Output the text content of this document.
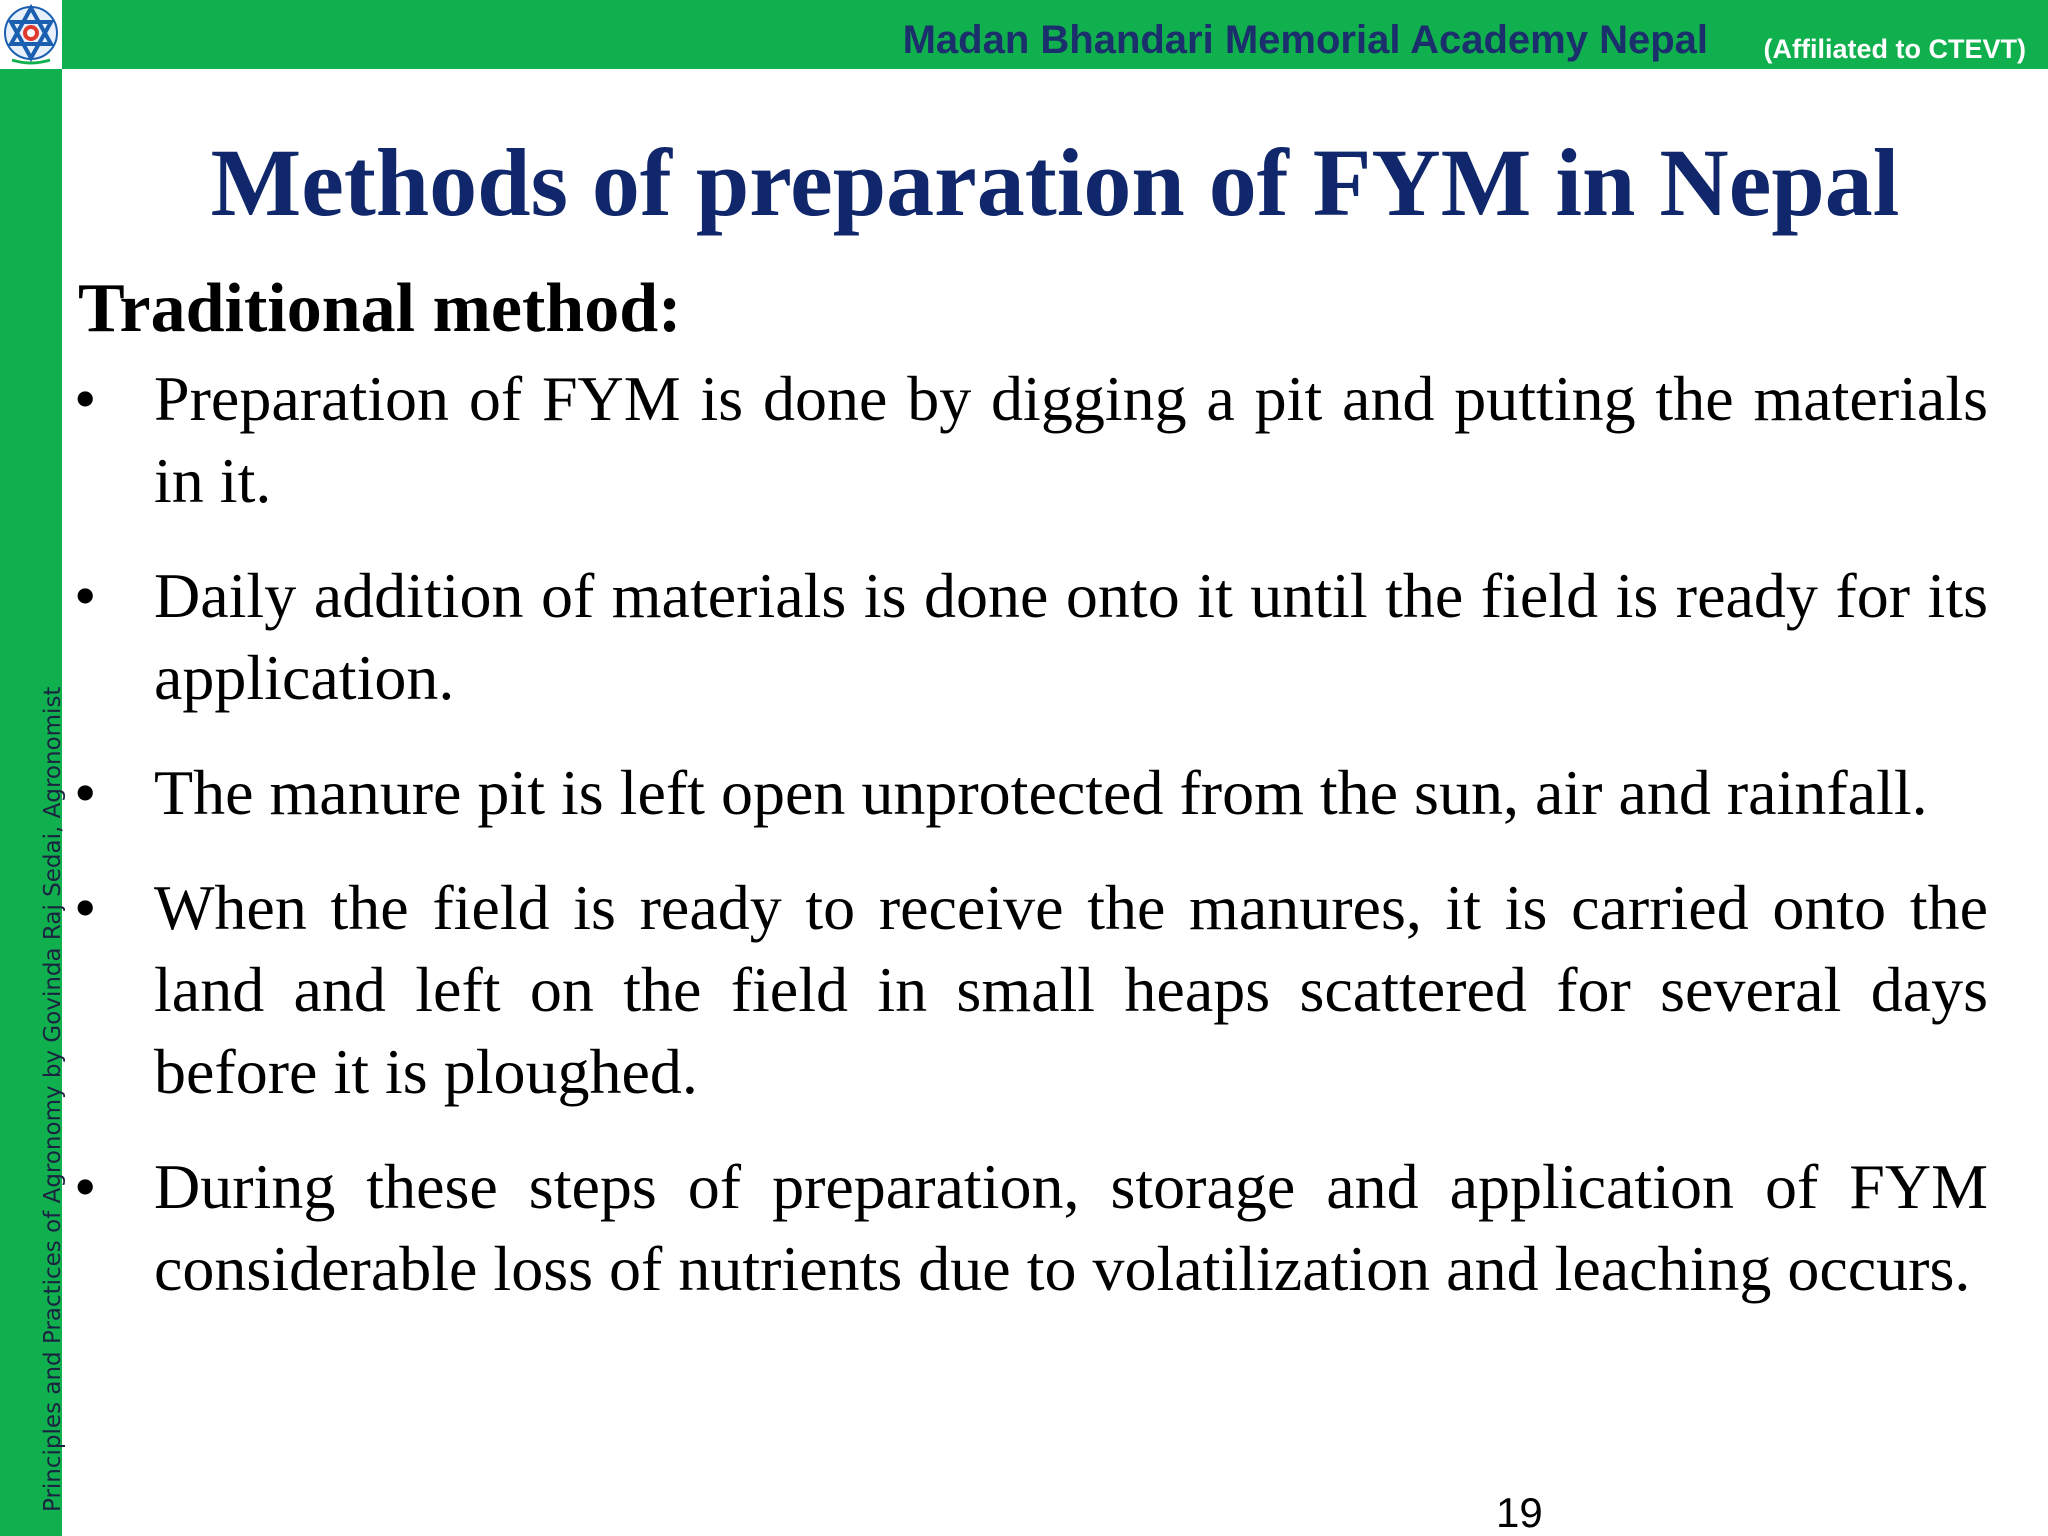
Madan Bhandari Memorial Academy Nepal (Affiliated to CTEVT)
Principles and Practices of Agronomy by Govinda Raj Sedai, Agronomist
Methods of preparation of FYM in Nepal
Traditional method:
• Preparation of FYM is done by digging a pit and putting the materials in it.
• Daily addition of materials is done onto it until the field is ready for its application.
• The manure pit is left open unprotected from the sun, air and rainfall.
• When the field is ready to receive the manures, it is carried onto the land and left on the field in small heaps scattered for several days before it is ploughed.
• During these steps of preparation, storage and application of FYM considerable loss of nutrients due to volatilization and leaching occurs.
19
